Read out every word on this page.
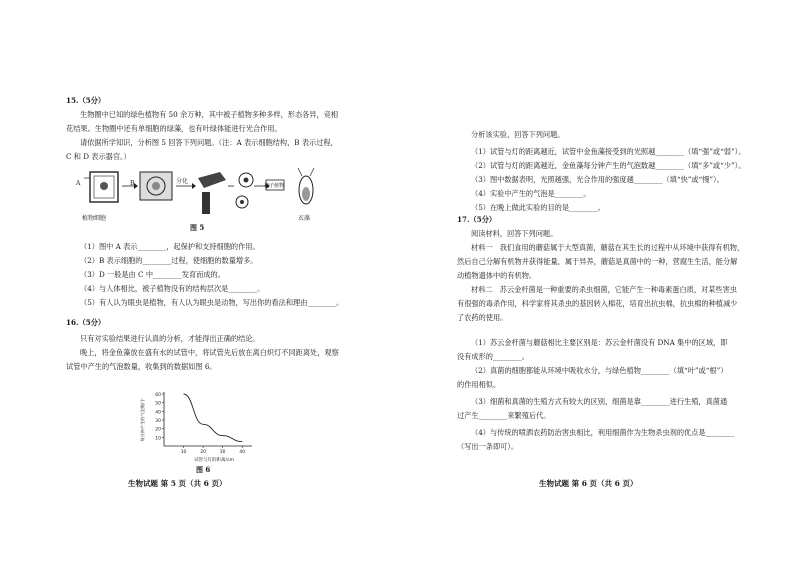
15.（5分）
生物圈中已知的绿色植物有 50 余万种，其中被子植物多种多样，形态各异，竞相
花结果。生物圈中还有单细胞的绿藻，也有叶绿体能进行光合作用。
请依据所学知识，分析图 5 回答下列问题。（注：A 表示细胞结构，B 表示过程，
C 和 D 表示器官。）
A	B	分化
被子植物
植物细胞	衣藻
图 5
（1）图中 A 表示________，起保护和支持细胞的作用。
（2）B 表示细胞的________过程，使细胞的数量增多。
（3）D 一般是由 C 中________发育而成的。
（4）与人体相比，被子植物没有的结构层次是________。
（5）有人认为眼虫是植物，有人认为眼虫是动物，写出你的看法和理由________。
16.（5分）
只有对实验结果进行认真的分析，才能得出正确的结论。
晚上，将金鱼藻放在盛有水的试管中，将试管先后放在离白炽灯不同距离处，观察
试管中产生的气泡数量，收集到的数据如图 6。
10
20
30
40
50
60
10	20	30	40
试管与灯的距离/cm
每分钟产生的气泡数/个
图 6
生物试题 第 5 页（共 6 页）
分析该实验，回答下列问题。
（1）试管与灯的距离越近，试管中金鱼藻接受到的光照越________（填“强”或“弱”）。
（2）试管与灯的距离越近，金鱼藻每分钟产生的气泡数越________（填“多”或“少”）。
（3）图中数据表明，光照越强，光合作用的强度越________（填“快”或“慢”）。
（4）实验中产生的气泡是________。
（5）在晚上做此实验的目的是________。
17.（5分）
阅读材料，回答下列问题。
材料一　我们食用的蘑菇属于大型真菌，蘑菇在其生长的过程中从环境中获得有机物，
然后自己分解有机物并获得能量，属于异养，蘑菇是真菌中的一种，营腐生生活，能分解
动植物遗体中的有机物。
材料二　苏云金杆菌是一种重要的杀虫细菌，它能产生一种毒素蛋白质，对某些害虫
有很强的毒杀作用，科学家将其杀虫的基因转入棉花，培育出抗虫棉，抗虫棉的种植减少
了农药的使用。
（1）苏云金杆菌与蘑菇相比主要区别是：苏云金杆菌没有 DNA 集中的区域，即
没有成形的________。
（2）真菌的细胞都能从环境中吸收水分，与绿色植物________（填“叶”或“根”）
的作用相似。
（3）细菌和真菌的生殖方式有较大的区别，细菌是靠________进行生殖，真菌通
过产生________来繁殖后代。
（4）与传统的喷洒农药防治害虫相比，利用细菌作为生物杀虫剂的优点是________
（写出一条即可）。
生物试题 第 6 页（共 6 页）
